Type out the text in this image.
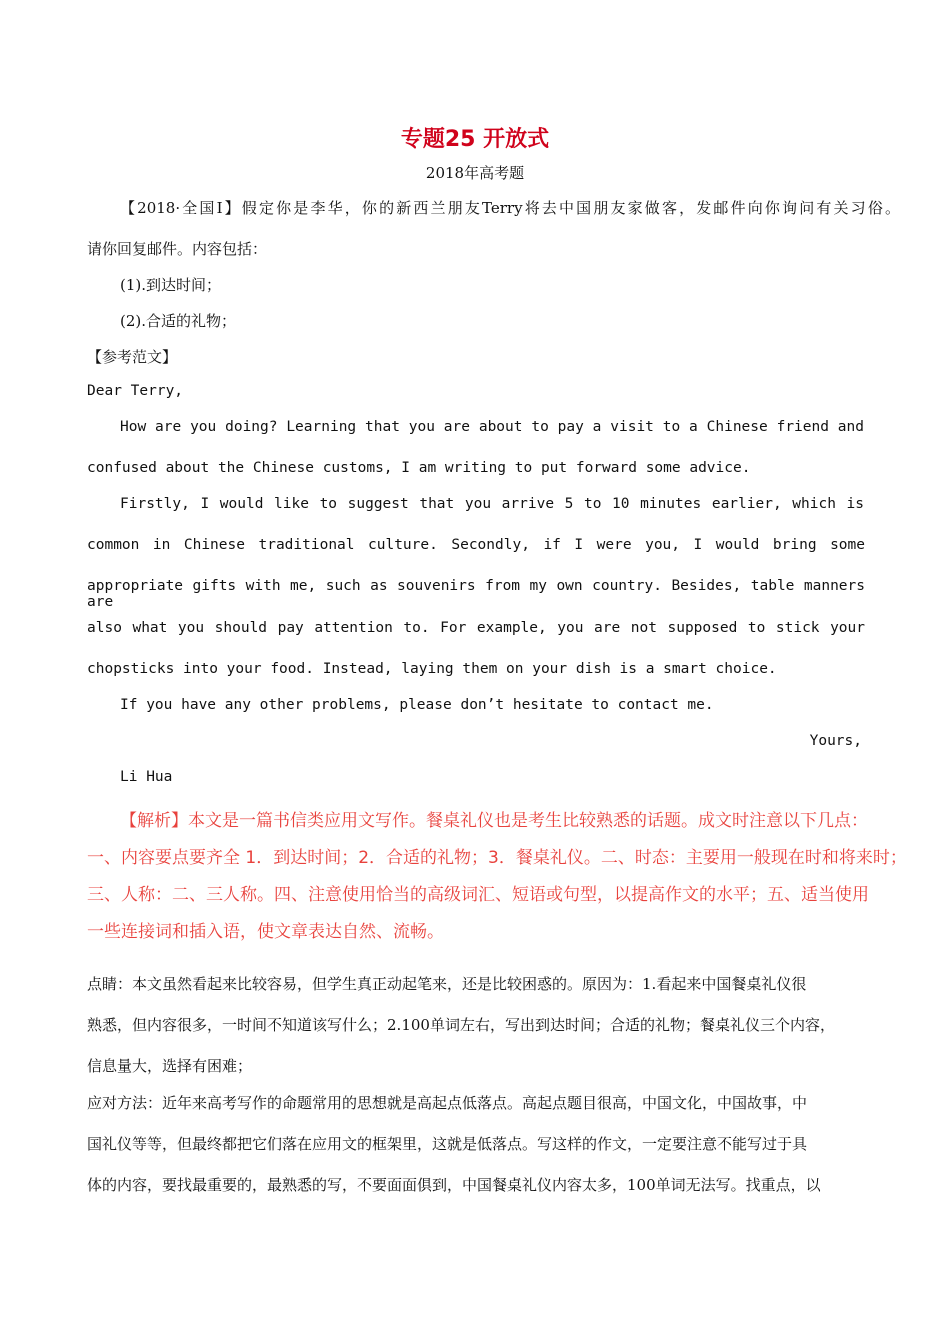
专题25 开放式
2018年高考题
【2018·全国I】假定你是李华，你的新西兰朋友Terry将去中国朋友家做客，发邮件向你询问有关习俗。
请你回复邮件。内容包括：
(1).到达时间；
(2).合适的礼物；
【参考范文】
Dear Terry,
How are you doing? Learning that you are about to pay a visit to a Chinese friend and
confused about the Chinese customs, I am writing to put forward some advice.
Firstly, I would like to suggest that you arrive 5 to 10 minutes earlier, which is
common in Chinese traditional culture. Secondly, if I were you, I would bring some
appropriate gifts with me, such as souvenirs from my own country. Besides, table manners are
also what you should pay attention to. For example, you are not supposed to stick your
chopsticks into your food. Instead, laying them on your dish is a smart choice.
If you have any other problems, please don’t hesitate to contact me.
Yours,
Li Hua
【解析】本文是一篇书信类应用文写作。餐桌礼仪也是考生比较熟悉的话题。成文时注意以下几点：
一、内容要点要齐全 1．到达时间；2．合适的礼物；3．餐桌礼仪。二、时态：主要用一般现在时和将来时；
三、人称：二、三人称。四、注意使用恰当的高级词汇、短语或句型，以提高作文的水平；五、适当使用
一些连接词和插入语，使文章表达自然、流畅。
点睛：本文虽然看起来比较容易，但学生真正动起笔来，还是比较困惑的。原因为：1.看起来中国餐桌礼仪很
熟悉，但内容很多，一时间不知道该写什么；2.100单词左右，写出到达时间；合适的礼物；餐桌礼仪三个内容，
信息量大，选择有困难；
应对方法：近年来高考写作的命题常用的思想就是高起点低落点。高起点题目很高，中国文化，中国故事，中
国礼仪等等，但最终都把它们落在应用文的框架里，这就是低落点。写这样的作文，一定要注意不能写过于具
体的内容，要找最重要的，最熟悉的写，不要面面俱到，中国餐桌礼仪内容太多，100单词无法写。找重点，以
